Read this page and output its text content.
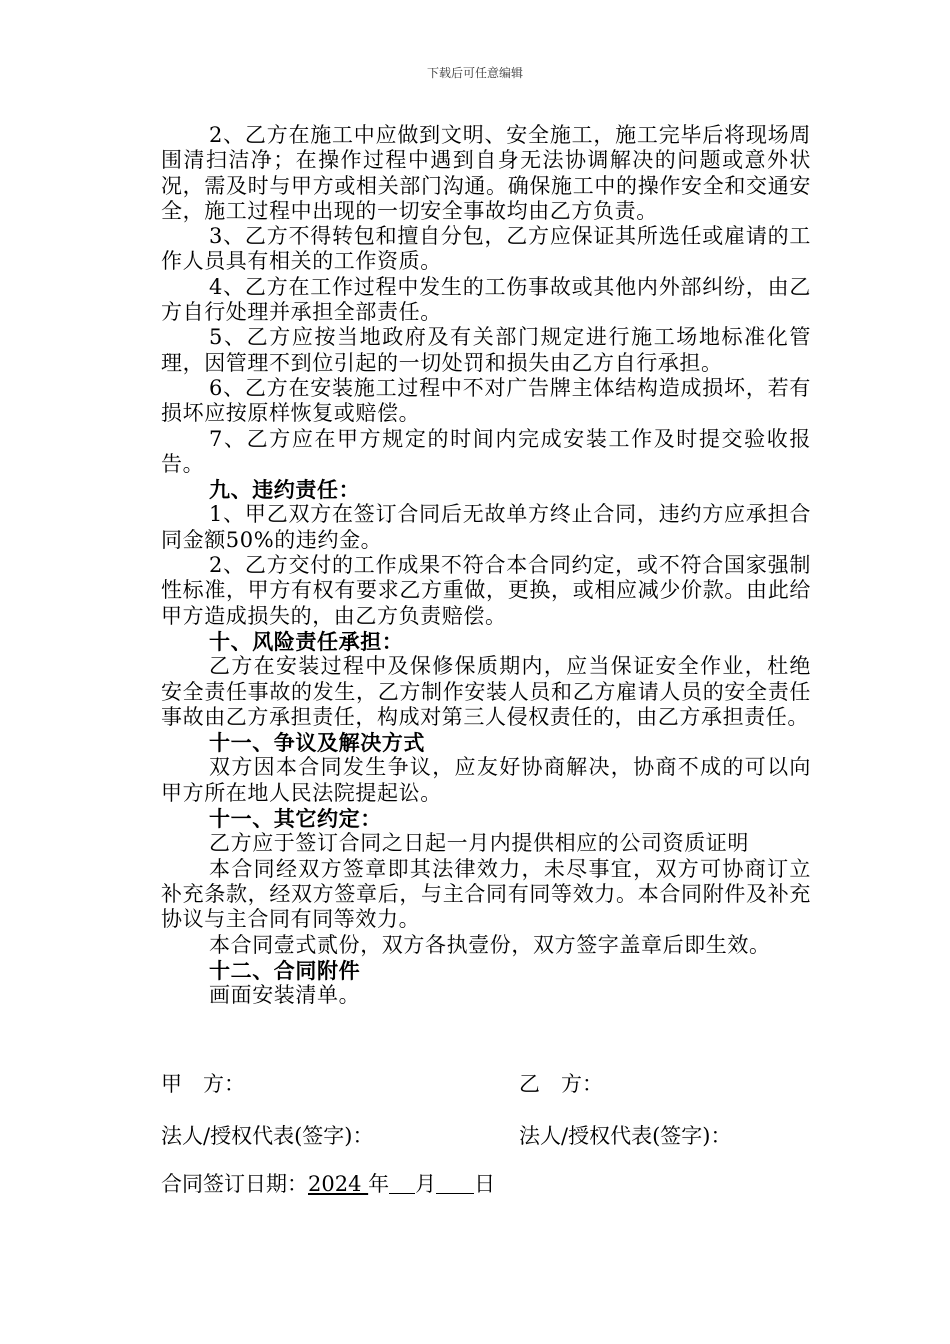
下载后可任意编辑

2、乙方在施工中应做到文明、安全施工，施工完毕后将现场周围清扫洁净；在操作过程中遇到自身无法协调解决的问题或意外状况，需及时与甲方或相关部门沟通。确保施工中的操作安全和交通安全，施工过程中出现的一切安全事故均由乙方负责。

3、乙方不得转包和擅自分包，乙方应保证其所选任或雇请的工作人员具有相关的工作资质。

4、乙方在工作过程中发生的工伤事故或其他内外部纠纷，由乙方自行处理并承担全部责任。

5、乙方应按当地政府及有关部门规定进行施工场地标准化管理，因管理不到位引起的一切处罚和损失由乙方自行承担。

6、乙方在安装施工过程中不对广告牌主体结构造成损坏，若有损坏应按原样恢复或赔偿。

7、乙方应在甲方规定的时间内完成安装工作及时提交验收报告。

九、违约责任：

1、甲乙双方在签订合同后无故单方终止合同，违约方应承担合同金额50%的违约金。

2、乙方交付的工作成果不符合本合同约定，或不符合国家强制性标准，甲方有权有要求乙方重做，更换，或相应减少价款。由此给甲方造成损失的，由乙方负责赔偿。

十、风险责任承担：

乙方在安装过程中及保修保质期内，应当保证安全作业，杜绝安全责任事故的发生，乙方制作安装人员和乙方雇请人员的安全责任事故由乙方承担责任，构成对第三人侵权责任的，由乙方承担责任。

十一、争议及解决方式

双方因本合同发生争议，应友好协商解决，协商不成的可以向甲方所在地人民法院提起讼。

十一、其它约定：

乙方应于签订合同之日起一月内提供相应的公司资质证明

本合同经双方签章即其法律效力，未尽事宜，双方可协商订立补充条款，经双方签章后，与主合同有同等效力。本合同附件及补充协议与主合同有同等效力。

本合同壹式贰份，双方各执壹份，双方签字盖章后即生效。

十二、合同附件

画面安装清单。

甲　方：	乙　方：
法人/授权代表(签字)：	法人/授权代表(签字)：
合同签订日期：2024 年 月 日
